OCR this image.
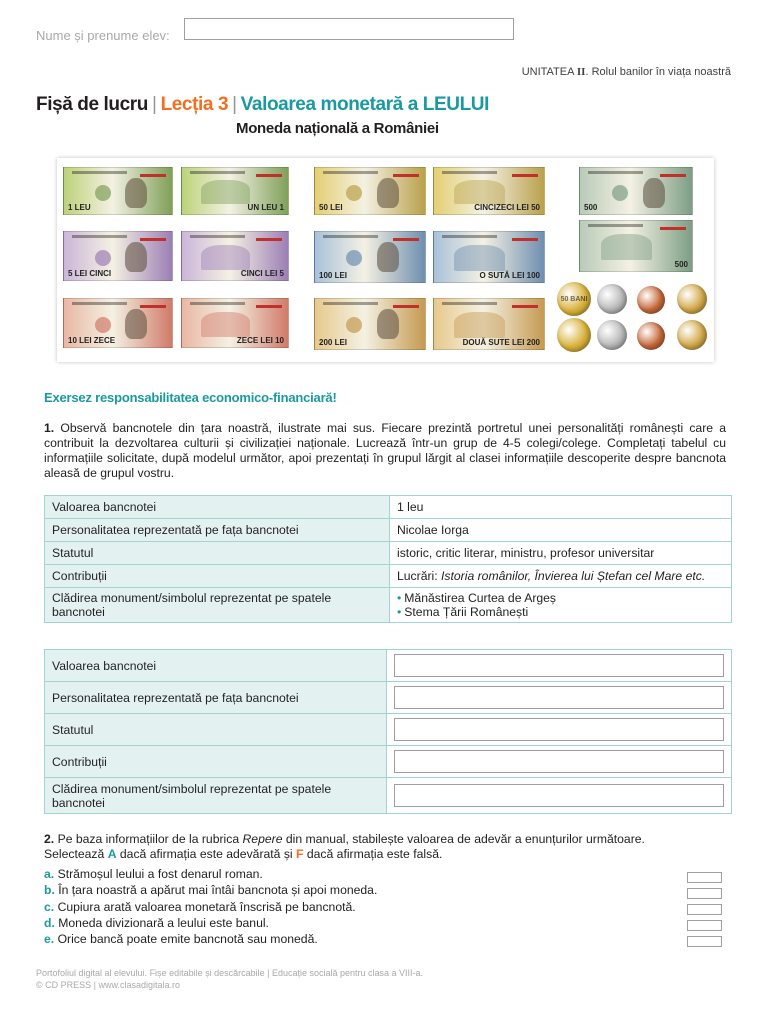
Nume și prenume elev:
UNITATEA II. Rolul banilor în viața noastră
Fișă de lucru | Lecția 3 | Valoarea monetară a LEULUI
Moneda națională a României
1 LEU	UN LEU 1
5 LEI CINCI	CINCI LEI 5
10 LEI ZECE	ZECE LEI 10
50 LEI	CINCIZECI LEI 50
100 LEI	O SUTĂ LEI 100
200 LEI	DOUĂ SUTE LEI 200
500
500
50 BANI
Exersez responsabilitatea economico-financiară!
1. Observă bancnotele din țara noastră, ilustrate mai sus. Fiecare prezintă portretul unei personalități românești care a contribuit la dezvoltarea culturii și civilizației naționale. Lucrează într-un grup de 4-5 colegi/colege. Completați tabelul cu informațiile solicitate, după modelul următor, apoi prezentați în grupul lărgit al clasei informațiile descoperite despre bancnota aleasă de grupul vostru.
Valoarea bancnotei	1 leu
Personalitatea reprezentată pe fața bancnotei	Nicolae Iorga
Statutul	istoric, critic literar, ministru, profesor universitar
Contribuții	Lucrări: Istoria românilor, Învierea lui Ștefan cel Mare etc.
Clădirea monument/simbolul reprezentat pe spatele bancnotei	• Mănăstirea Curtea de Argeș
• Stema Țării Românești
Valoarea bancnotei	

Personalitatea reprezentată pe fața bancnotei	

Statutul	

Contribuții	

Clădirea monument/simbolul reprezentat pe spatele bancnotei	
2. Pe baza informațiilor de la rubrica Repere din manual, stabilește valoarea de adevăr a enunțurilor următoare.
Selectează A dacă afirmația este adevărată și F dacă afirmația este falsă.
a. Strămoșul leului a fost denarul roman.
b. În țara noastră a apărut mai întâi bancnota și apoi moneda.
c. Cupiura arată valoarea monetară înscrisă pe bancnotă.
d. Moneda divizionară a leului este banul.
e. Orice bancă poate emite bancnotă sau monedă.
Portofoliul digital al elevului. Fișe editabile și descărcabile | Educație socială pentru clasa a VIII-a.
© CD PRESS | www.clasadigitala.ro
